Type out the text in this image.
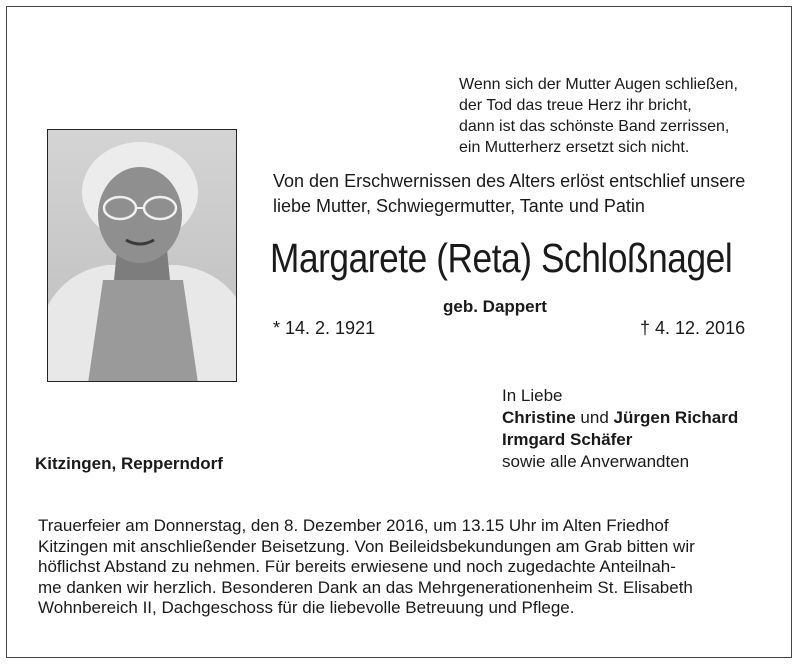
Wenn sich der Mutter Augen schließen,
der Tod das treue Herz ihr bricht,
dann ist das schönste Band zerrissen,
ein Mutterherz ersetzt sich nicht.
Von den Erschwernissen des Alters erlöst entschlief unsere
liebe Mutter, Schwiegermutter, Tante und Patin
Margarete (Reta) Schloßnagel
geb. Dappert
* 14. 2. 1921	† 4. 12. 2016
In Liebe
Christine und Jürgen Richard
Irmgard Schäfer
sowie alle Anverwandten
Kitzingen, Repperndorf
Trauerfeier am Donnerstag, den 8. Dezember 2016, um 13.15 Uhr im Alten Friedhof
Kitzingen mit anschließender Beisetzung. Von Beileidsbekundungen am Grab bitten wir
höflichst Abstand zu nehmen. Für bereits erwiesene und noch zugedachte Anteilnah-
me danken wir herzlich. Besonderen Dank an das Mehrgenerationenheim St. Elisabeth
Wohnbereich II, Dachgeschoss für die liebevolle Betreuung und Pflege.
